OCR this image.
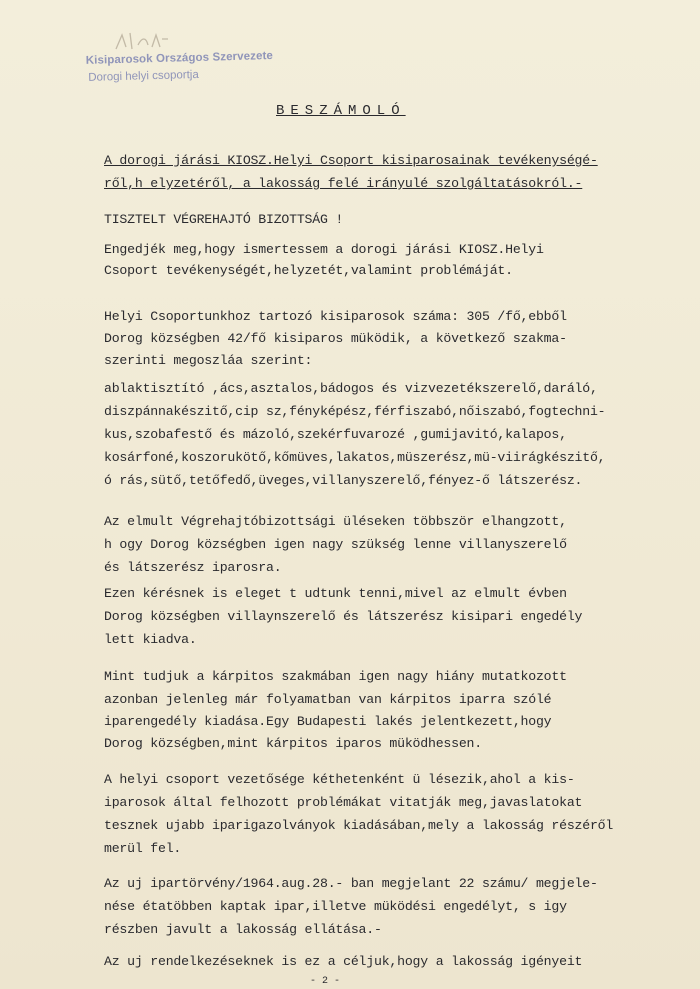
Kisiparosok Országos Szervezete
Dorogi helyi csoportja
BESZÁMOLÓ
A dorogi járási KIOSZ.Helyi Csoport kisiparosainak tevékenységé-
ről,h elyzetéről, a lakosság felé irányulé szolgáltatásokról.-
TISZTELT VÉGREHAJTÓ BIZOTTSÁG !
Engedjék meg,hogy ismertessem a dorogi járási KIOSZ.Helyi
Csoport tevékenységét,helyzetét,valamint problémáját.
Helyi Csoportunkhoz tartozó kisiparosok száma: 305 /fő,ebből
Dorog községben 42/fő kisiparos müködik, a következő szakma-
szerinti megoszláa szerint:
ablaktisztító ,ács,asztalos,bádogos és vizvezetékszerelő,daráló,
diszpánnakészitő,cip sz,fényképész,férfiszabó,nőiszabó,fogtechni-
kus,szobafestő és mázoló,szekérfuvarozé ,gumijavitó,kalapos,
kosárfoné,koszorukötő,kőmüves,lakatos,müszerész,mü-viirágkészitő,
ó rás,sütő,tetőfedő,üveges,villanyszerelő,fényez-ő látszerész.
Az elmult Végrehajtóbizottsági üléseken többször elhangzott,
h ogy Dorog községben igen nagy szükség lenne villanyszerelő
és látszerész iparosra.
Ezen kérésnek is eleget t udtunk tenni,mivel az elmult évben
Dorog községben villaynszerelő és látszerész kisipari engedély
lett kiadva.
Mint tudjuk a kárpitos szakmában igen nagy hiány mutatkozott
azonban jelenleg már folyamatban van kárpitos iparra szólé
iparengedély kiadása.Egy Budapesti lakés jelentkezett,hogy
Dorog községben,mint kárpitos iparos müködhessen.
A helyi csoport vezetősége kéthetenként ü lésezik,ahol a kis-
iparosok által felhozott problémákat vitatják meg,javaslatokat
tesznek ujabb iparigazolványok kiadásában,mely a lakosság részéről
merül fel.
Az uj ipartörvény/1964.aug.28.- ban megjelant 22 számu/ megjele-
nése étatöbben kaptak ipar,illetve müködési engedélyt, s igy
részben javult a lakosság ellátása.-
Az uj rendelkezéseknek is ez a céljuk,hogy a lakosság igényeit
- 2 -
